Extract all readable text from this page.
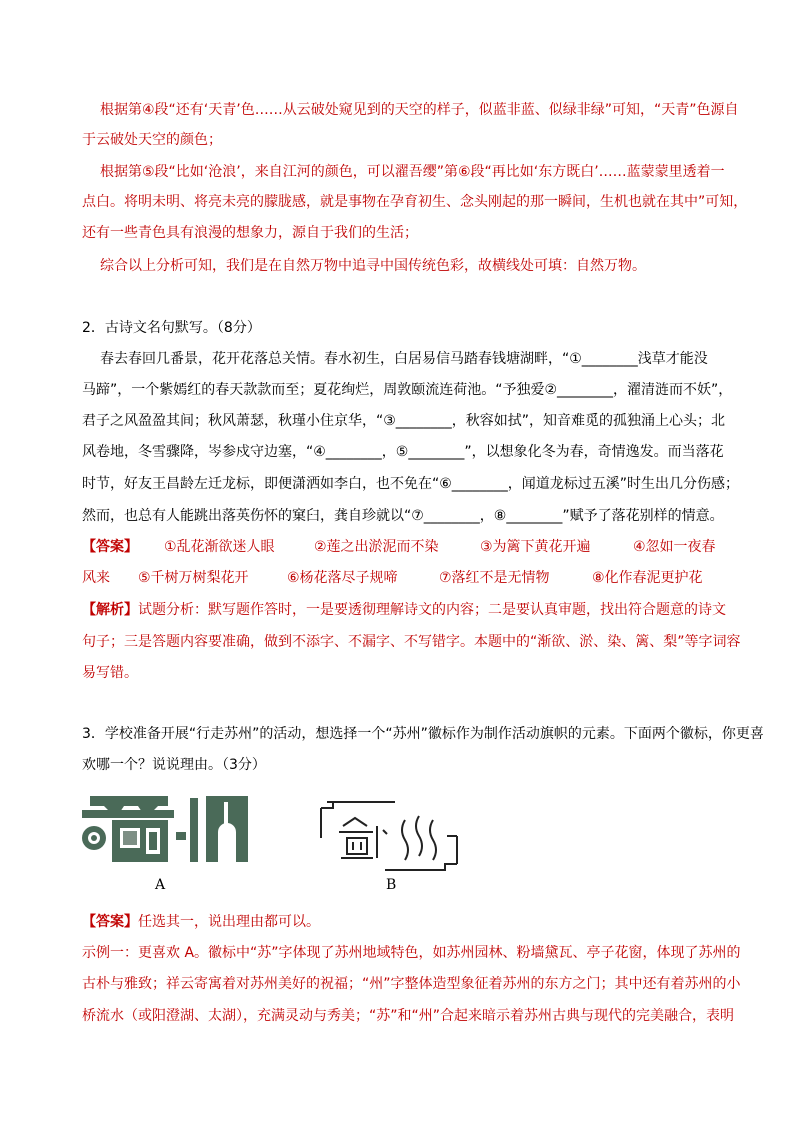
根据第④段“还有‘天青’色……从云破处窥见到的天空的样子，似蓝非蓝、似绿非绿”可知，“天青”色源自
于云破处天空的颜色；
根据第⑤段“比如‘沧浪’，来自江河的颜色，可以濯吾缨”第⑥段“再比如‘东方既白’……蓝蒙蒙里透着一
点白。将明未明、将亮未亮的朦胧感，就是事物在孕育初生、念头刚起的那一瞬间，生机也就在其中”可知，
还有一些青色具有浪漫的想象力，源自于我们的生活；
综合以上分析可知，我们是在自然万物中追寻中国传统色彩，故横线处可填：自然万物。
2．古诗文名句默写。（8分）
春去春回几番景，花开花落总关情。春水初生，白居易信马踏春钱塘湖畔，“①________浅草才能没
马蹄”，一个紫嫣红的春天款款而至；夏花绚烂，周敦颐流连荷池。“予独爱②________，濯清涟而不妖”，
君子之风盈盈其间；秋风萧瑟，秋瑾小住京华，“③________，秋容如拭”，知音难觅的孤独涌上心头；北
风卷地，冬雪骤降，岑参戍守边塞，“④________，⑤________”，以想象化冬为春，奇情逸发。而当落花
时节，好友王昌龄左迁龙标，即便潇洒如李白，也不免在“⑥________，闻道龙标过五溪”时生出几分伤感；
然而，也总有人能跳出落英伤怀的窠臼，龚自珍就以“⑦________，⑧________”赋予了落花别样的情意。
【答案】 ①乱花渐欲迷人眼	②莲之出淤泥而不染	③为篱下黄花开遍	④忽如一夜春
风来 ⑤千树万树梨花开	⑥杨花落尽子规啼	⑦落红不是无情物	⑧化作春泥更护花
【解析】试题分析：默写题作答时，一是要透彻理解诗文的内容；二是要认真审题，找出符合题意的诗文
句子；三是答题内容要准确，做到不添字、不漏字、不写错字。本题中的“渐欲、淤、染、篱、梨”等字词容
易写错。
3．学校准备开展“行走苏州”的活动，想选择一个“苏州”徽标作为制作活动旗帜的元素。下面两个徽标，你更喜
欢哪一个？说说理由。（3分）
A	B
【答案】任选其一，说出理由都可以。
示例一：更喜欢 A。徽标中“苏”字体现了苏州地域特色，如苏州园林、粉墙黛瓦、亭子花窗，体现了苏州的
古朴与雅致；祥云寄寓着对苏州美好的祝福；“州”字整体造型象征着苏州的东方之门；其中还有着苏州的小
桥流水（或阳澄湖、太湖），充满灵动与秀美；“苏”和“州”合起来暗示着苏州古典与现代的完美融合，表明
